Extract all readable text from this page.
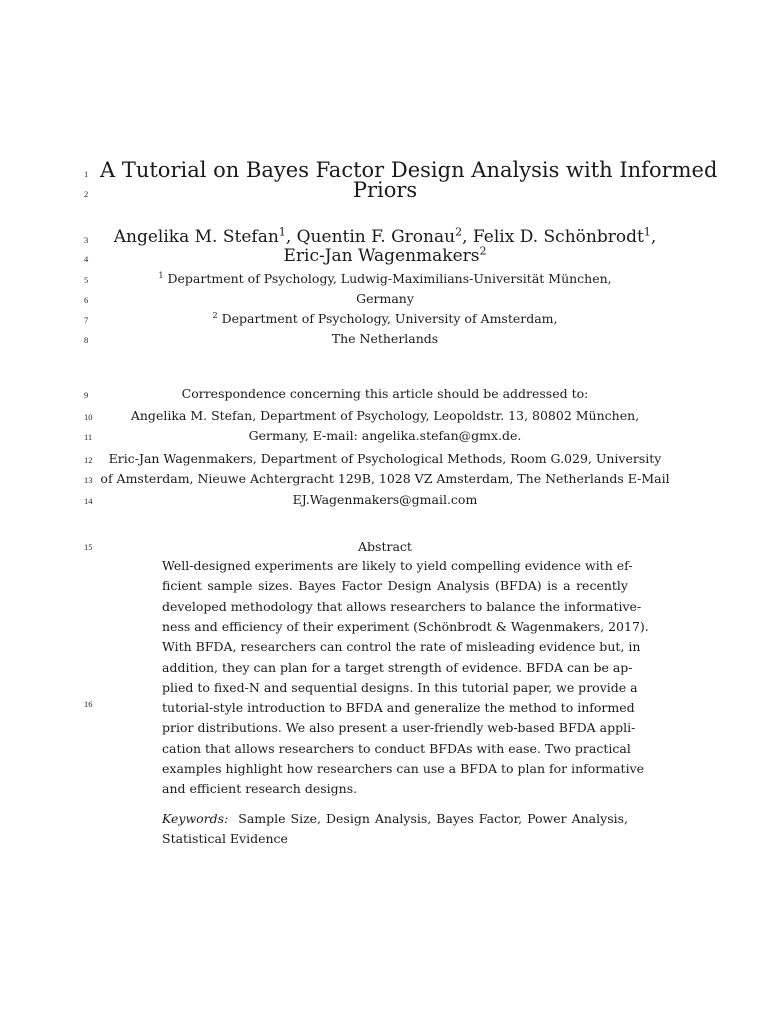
1
2
3
4
5
6
7
8
9
10
11
12
13
14
15
16
A Tutorial on Bayes Factor Design Analysis with Informed
Priors
Angelika M. Stefan$^1$, Quentin F. Gronau$^2$, Felix D. Schönbrodt$^1$,
Eric-Jan Wagenmakers$^2$
$^1$ Department of Psychology, Ludwig-Maximilians-Universität München,
Germany
$^2$ Department of Psychology, University of Amsterdam,
The Netherlands
Correspondence concerning this article should be addressed to:
Angelika M. Stefan, Department of Psychology, Leopoldstr. 13, 80802 München,
Germany, E-mail: angelika.stefan@gmx.de.
Eric-Jan Wagenmakers, Department of Psychological Methods, Room G.029, University
of Amsterdam, Nieuwe Achtergracht 129B, 1028 VZ Amsterdam, The Netherlands E-Mail
EJ.Wagenmakers@gmail.com
Abstract
Well-designed experiments are likely to yield compelling evidence with ef-
ficient sample sizes. Bayes Factor Design Analysis (BFDA) is a recently
developed methodology that allows researchers to balance the informative-
ness and efficiency of their experiment (Schönbrodt & Wagenmakers, 2017).
With BFDA, researchers can control the rate of misleading evidence but, in
addition, they can plan for a target strength of evidence. BFDA can be ap-
plied to fixed-N and sequential designs. In this tutorial paper, we provide a
tutorial-style introduction to BFDA and generalize the method to informed
prior distributions. We also present a user-friendly web-based BFDA appli-
cation that allows researchers to conduct BFDAs with ease. Two practical
examples highlight how researchers can use a BFDA to plan for informative
and efficient research designs.
Keywords:  Sample Size, Design Analysis, Bayes Factor, Power Analysis,
Statistical Evidence
